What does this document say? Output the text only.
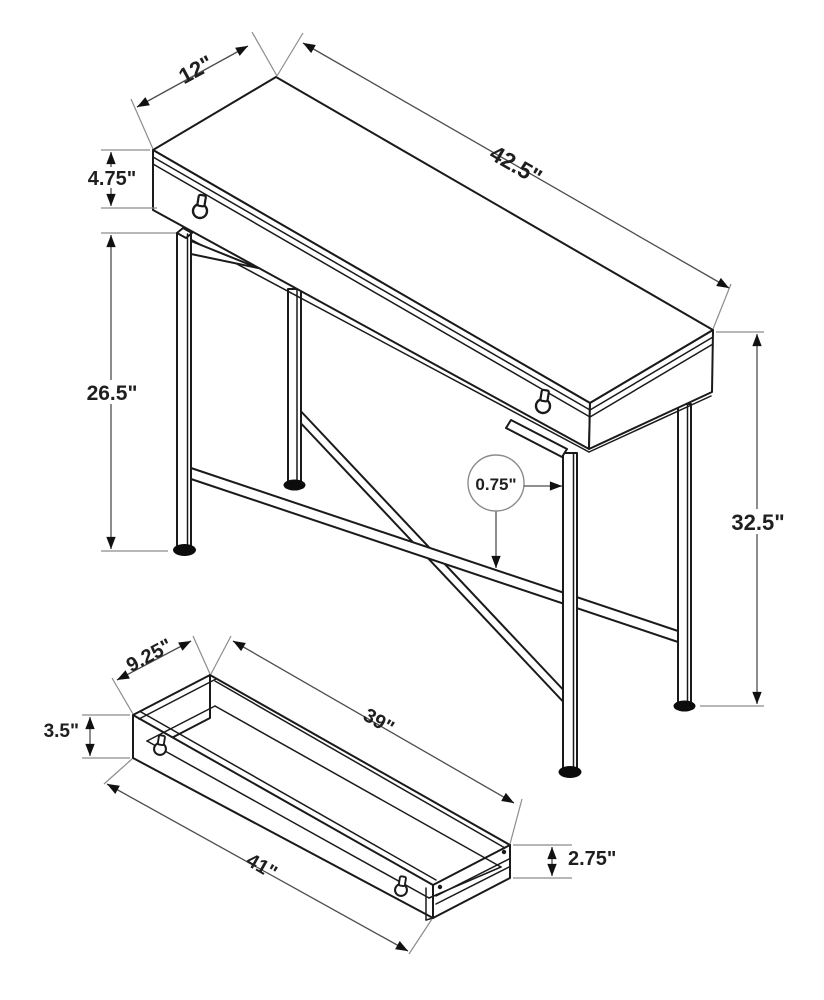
12"
42.5"
4.75"
26.5"
32.5"
0.75"
9.25"
39"
3.5"
41"	2.75"
